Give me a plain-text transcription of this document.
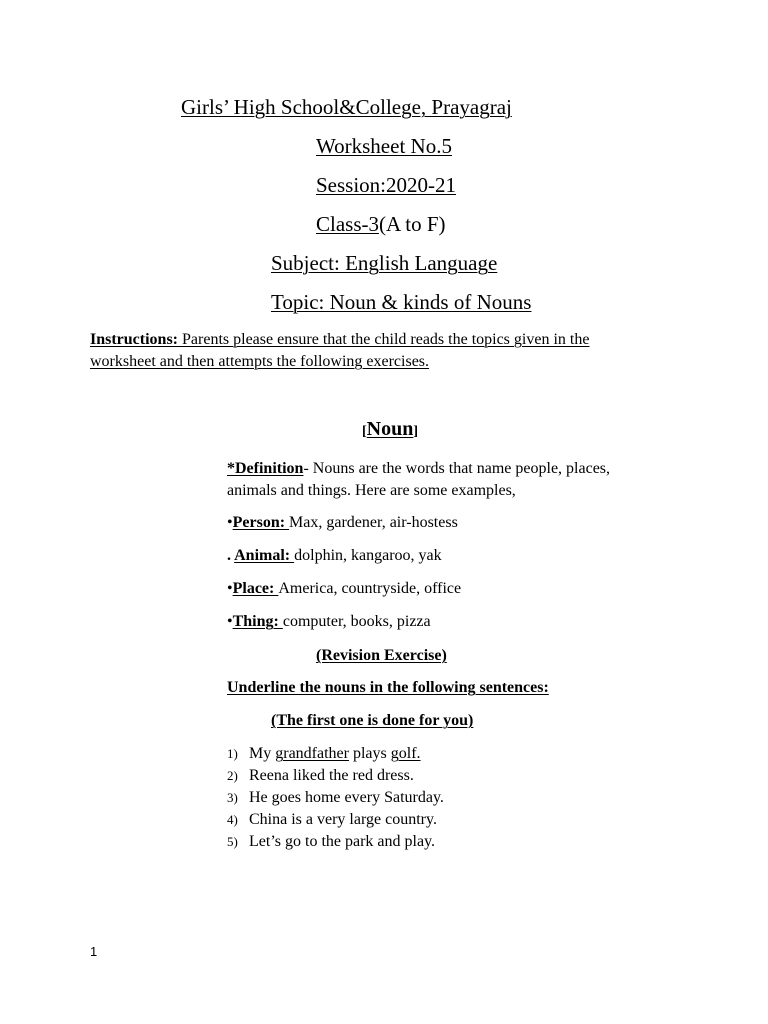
Girls’ High School&College, Prayagraj
Worksheet No.5
Session:2020-21
Class-3(A to F)
Subject: English Language
Topic: Noun & kinds of Nouns
Instructions: Parents please ensure that the child reads the topics given in the
worksheet and then attempts the following exercises.
[Noun]
*Definition- Nouns are the words that name people, places,
animals and things. Here are some examples,
•Person: Max, gardener, air-hostess
. Animal: dolphin, kangaroo, yak
•Place: America, countryside, office
•Thing: computer, books, pizza
(Revision Exercise)
Underline the nouns in the following sentences:
(The first one is done for you)
1) My grandfather plays golf.
2) Reena liked the red dress.
3) He goes home every Saturday.
4) China is a very large country.
5) Let’s go to the park and play.
1
